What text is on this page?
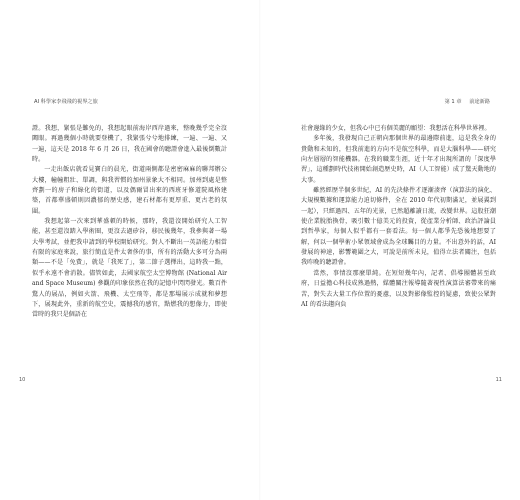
AI 科學家李飛飛的視界之旅

證。我想，緊張是難免的，我想起眼前海岸西岸過來，整晚幾乎完全沒闔眼。再過幾個小時就要登機了，我緊張兮兮地排練，一遍、一遍、又一遍，這天是 2018 年 6 月 26 日，我在國會的聽證會進入最後倒數計時。

一走出飯店就看見寶白的晨光，街道兩側都是密密麻麻的聯邦辦公大樓，幢幢粗壯、單調，與我習慣的加州景象大不相同。加州到處是整齊劃一的房子和綠化的街道，以及偶爾冒出來的西班牙修道院風格建築，首都華盛頓則因濃郁的歷史感，建石材都有更厚重、更古老的氛圍。

我想起第一次來到華盛頓的時候，那時，我還沒開始研究人工智能，甚至還沒踏入學術圈，更沒去過矽谷，移民後幾年，我參與著一場大學考試，並把我申請到的學校開始研究。對人不斷出一英語能力相當有限的家庭來說，旅行簡直是件太奢侈的事，所有的活動大多可分為兩類——不是「免費」，就是「我死了」，第二節子選擇出，這時我一點，似乎永遠不會消散。儘管如此，去國家航空太空博物館 (National Air and Space Museum) 參觀的印象依然在我的記憶中閃閃發光。數百件驚人的展品，例如火箭、飛機、太空飛等，都是那場展示成就和夢想下，展現此外，重新的航空史，震撼我的感官，點燃我的想像力，即使當時的我只是個語在

10
第 1 章 前途新路

社會邊緣的少女，但我心中已有個美麗的願望：我想活在科學世界裡。

多年後，我發現自己正朝向那個世界的最邊際前進，這是我全身的貴動和未知的，但我前進的方向不是航空科學，而是大腦科學——研究向左層層的智能機器。在我的職業生涯，近十年才出現所謂的「深度學習」，這種劃時代技術開始創造歷史時，AI（人工智能）成了驚天動地的大事。

雖然經歷半個多世紀，AI 的先決條件才逐漸湊齊（演算法的演化、大規模數據和運算能力迫切條件，全在 2010 年代初期滿足，並展翼到一起），只經過四、五年的光景，已然超離讀日流，改變世界。這股狂潮使企業脫胎換骨，吸引數十億美元的投資，從產業分析師、政治評論員到哲學家，每個人似乎都有一套看法。每一個人都爭先恐後地想要了解，何以一個學術小眾領域會成為全球矚目的力量。不出意外的話，AI 發展的神速，影響範圍之大，可說是前所未見，值得立法者關注，包括我昨晚的聽證會。

當然，事情沒那麼單純。在短短幾年內，記者、倡導團體甚至政府，日益擔心科技成熟過熱，媒體關注報導隨著視性演算法審帶來的痛苦，對失去大量工作位置的憂慮，以及對影像監控的疑慮，致使公眾對 AI 的看法趨向負

11
